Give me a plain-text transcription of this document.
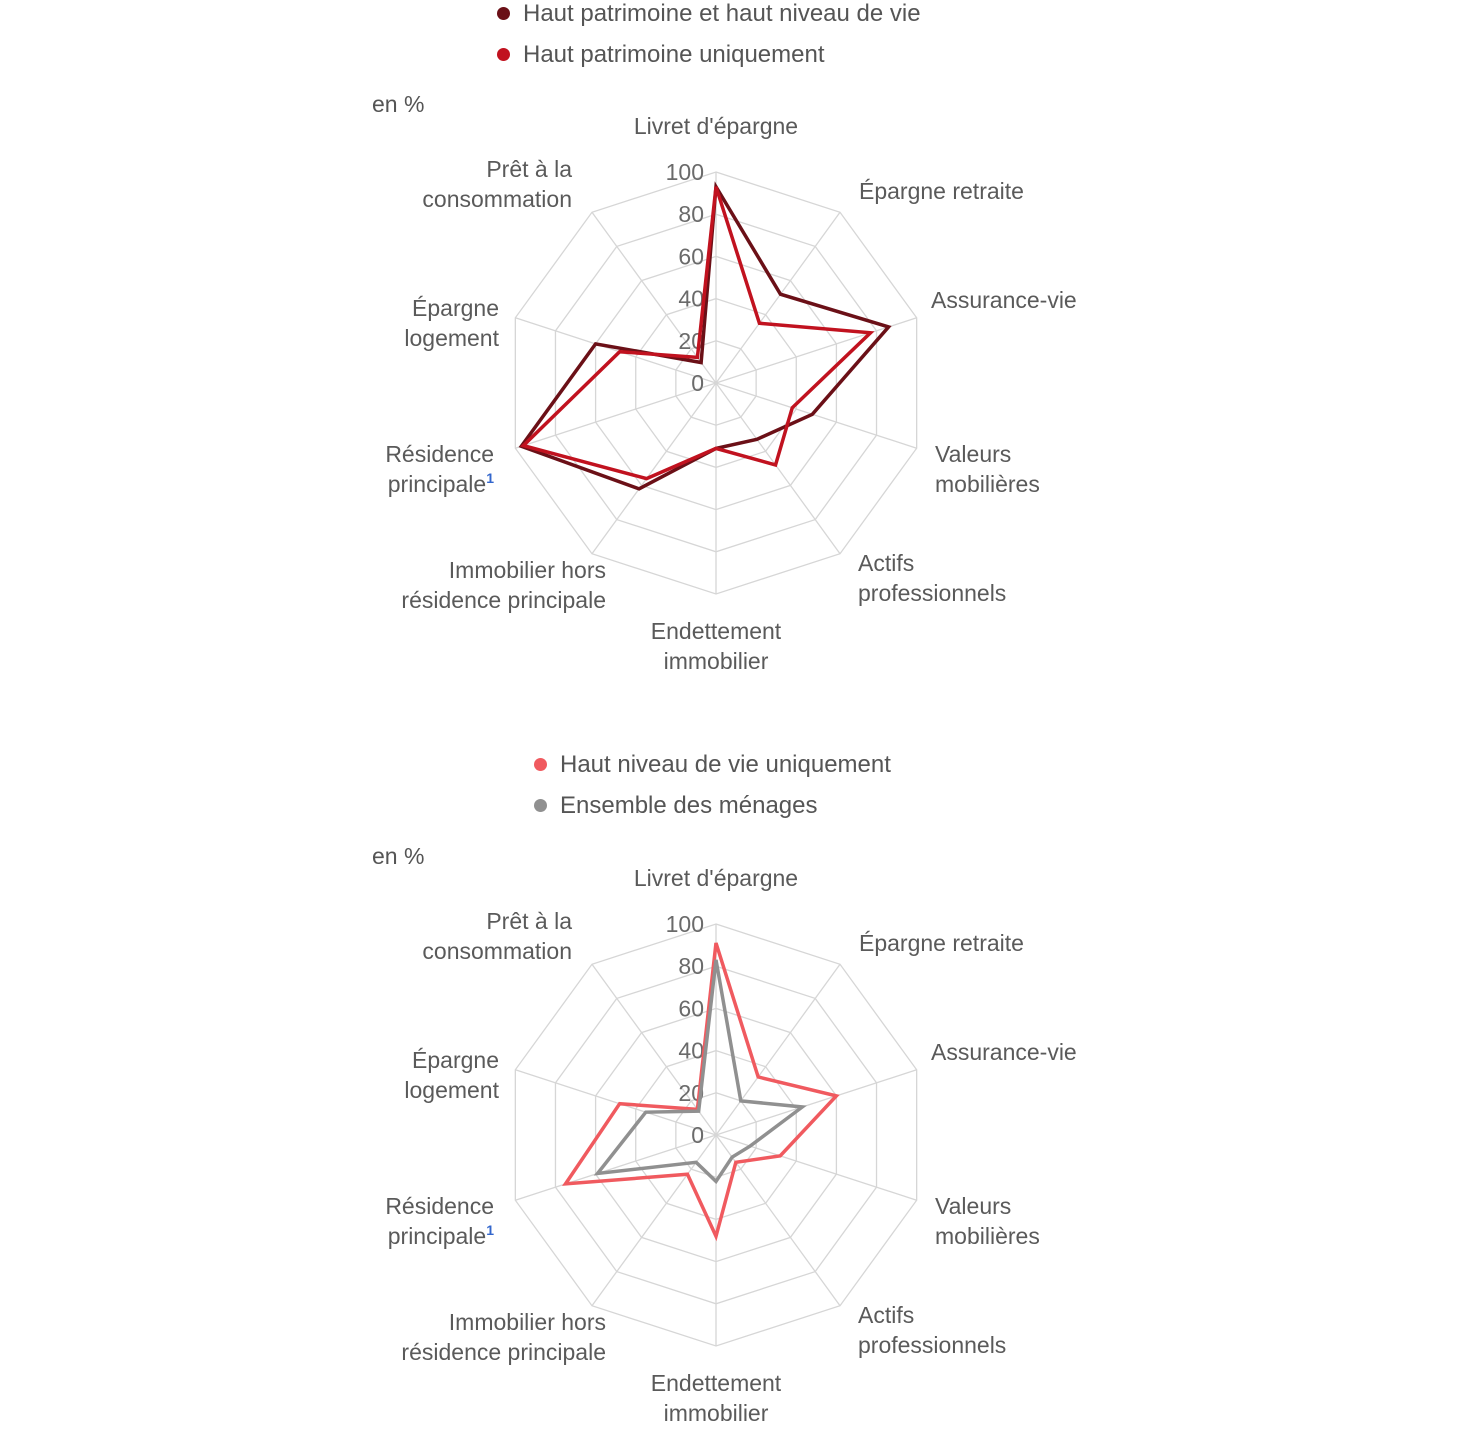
Haut patrimoine et haut niveau de vie
Haut patrimoine uniquement
en %
0
20
40
60
80
100
Livret d'épargne
Épargne retraite
Assurance-vie
Valeurs mobilières
Actifs professionnels
Endettement immobilier
Immobilier hors résidence principale
Résidence principale$^1$
Épargne logement
Prêt à la consommation
Haut niveau de vie uniquement
Ensemble des ménages
en %
0
20
40
60
80
100
Livret d'épargne
Épargne retraite
Assurance-vie
Valeurs mobilières
Actifs professionnels
Endettement immobilier
Immobilier hors résidence principale
Résidence principale$^1$
Épargne logement
Prêt à la consommation
